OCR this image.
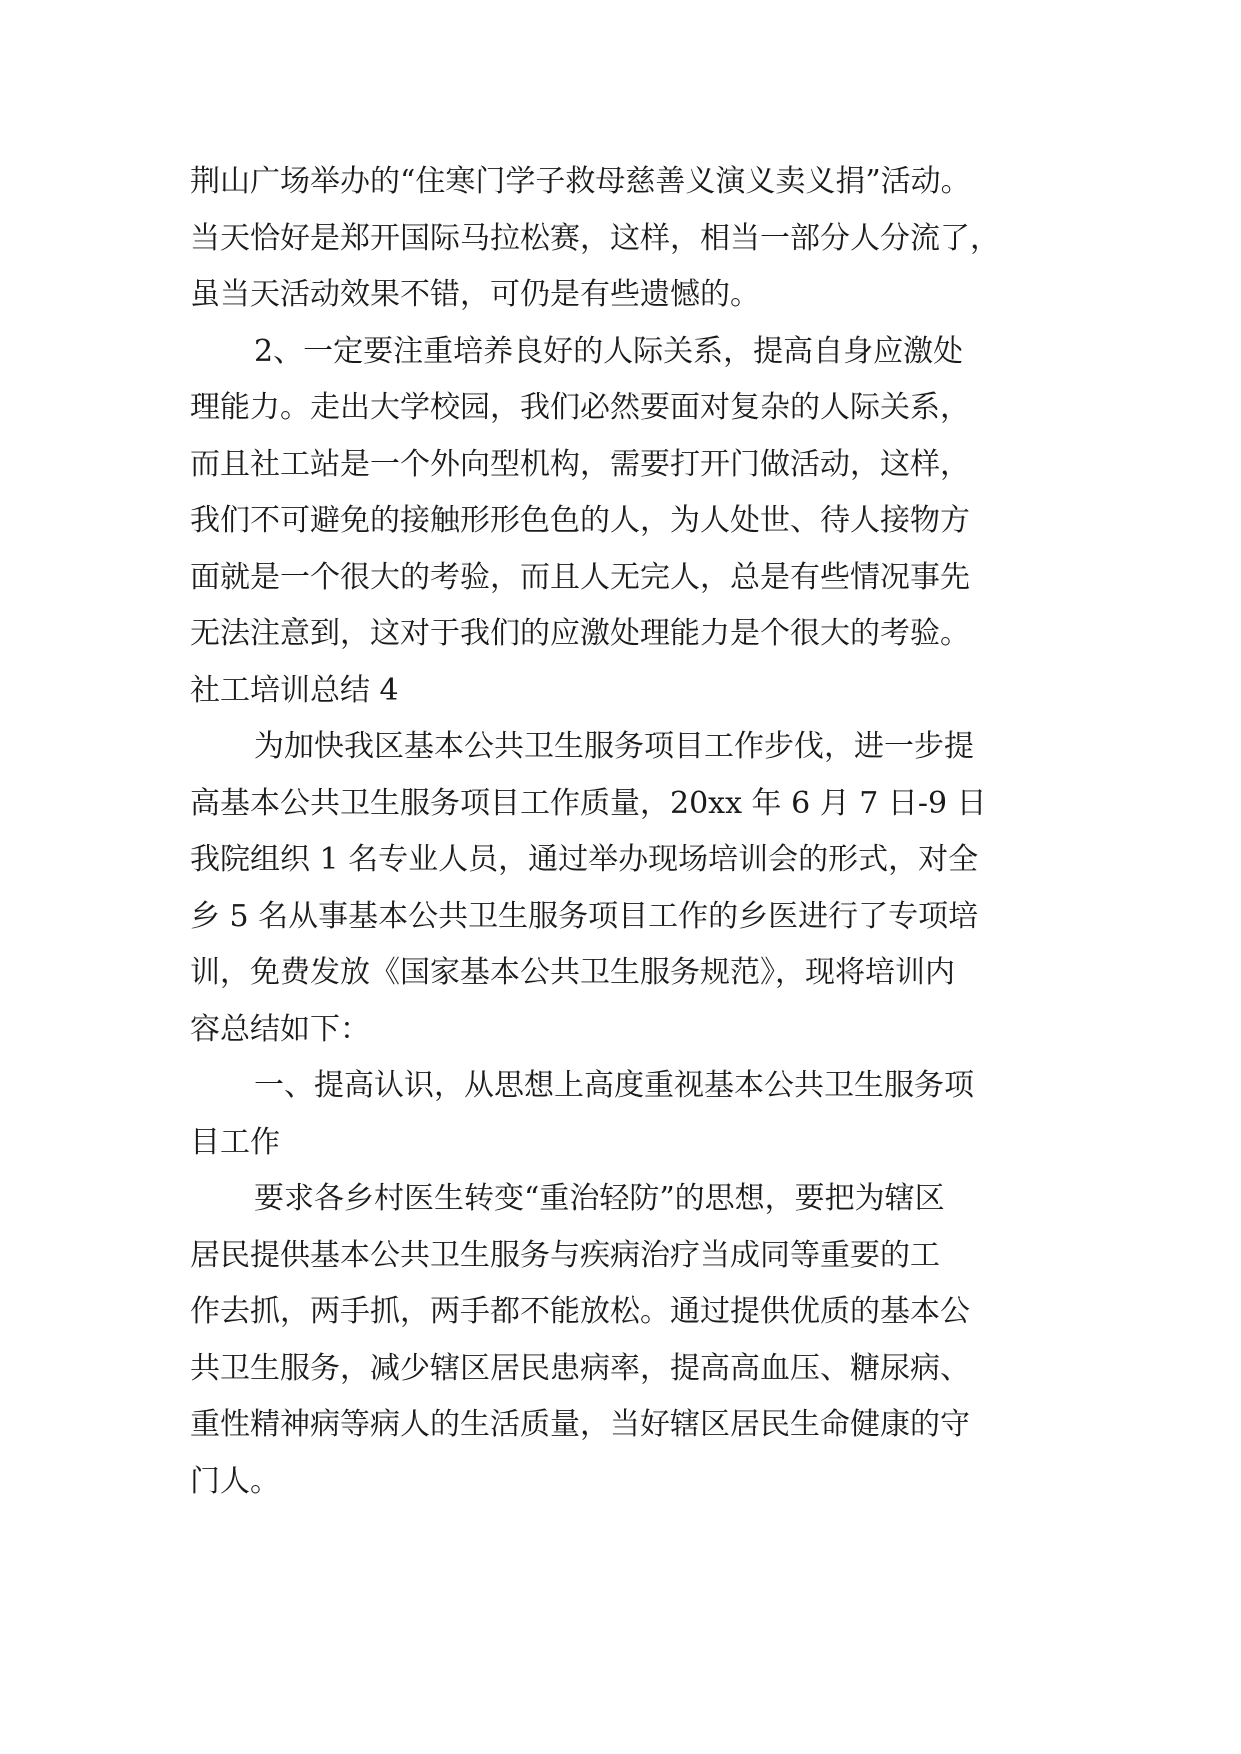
荆山广场举办的“住寒门学子救母慈善义演义卖义捐”活动。
当天恰好是郑开国际马拉松赛，这样，相当一部分人分流了，
虽当天活动效果不错，可仍是有些遗憾的。
2、一定要注重培养良好的人际关系，提高自身应激处
理能力。走出大学校园，我们必然要面对复杂的人际关系，
而且社工站是一个外向型机构，需要打开门做活动，这样，
我们不可避免的接触形形色色的人，为人处世、待人接物方
面就是一个很大的考验，而且人无完人，总是有些情况事先
无法注意到，这对于我们的应激处理能力是个很大的考验。
社工培训总结 4
为加快我区基本公共卫生服务项目工作步伐，进一步提
高基本公共卫生服务项目工作质量，20xx 年 6 月 7 日-9 日
我院组织 1 名专业人员，通过举办现场培训会的形式，对全
乡 5 名从事基本公共卫生服务项目工作的乡医进行了专项培
训，免费发放《国家基本公共卫生服务规范》，现将培训内
容总结如下：
一、提高认识，从思想上高度重视基本公共卫生服务项
目工作
要求各乡村医生转变“重治轻防”的思想，要把为辖区
居民提供基本公共卫生服务与疾病治疗当成同等重要的工
作去抓，两手抓，两手都不能放松。通过提供优质的基本公
共卫生服务，减少辖区居民患病率，提高高血压、糖尿病、
重性精神病等病人的生活质量，当好辖区居民生命健康的守
门人。
